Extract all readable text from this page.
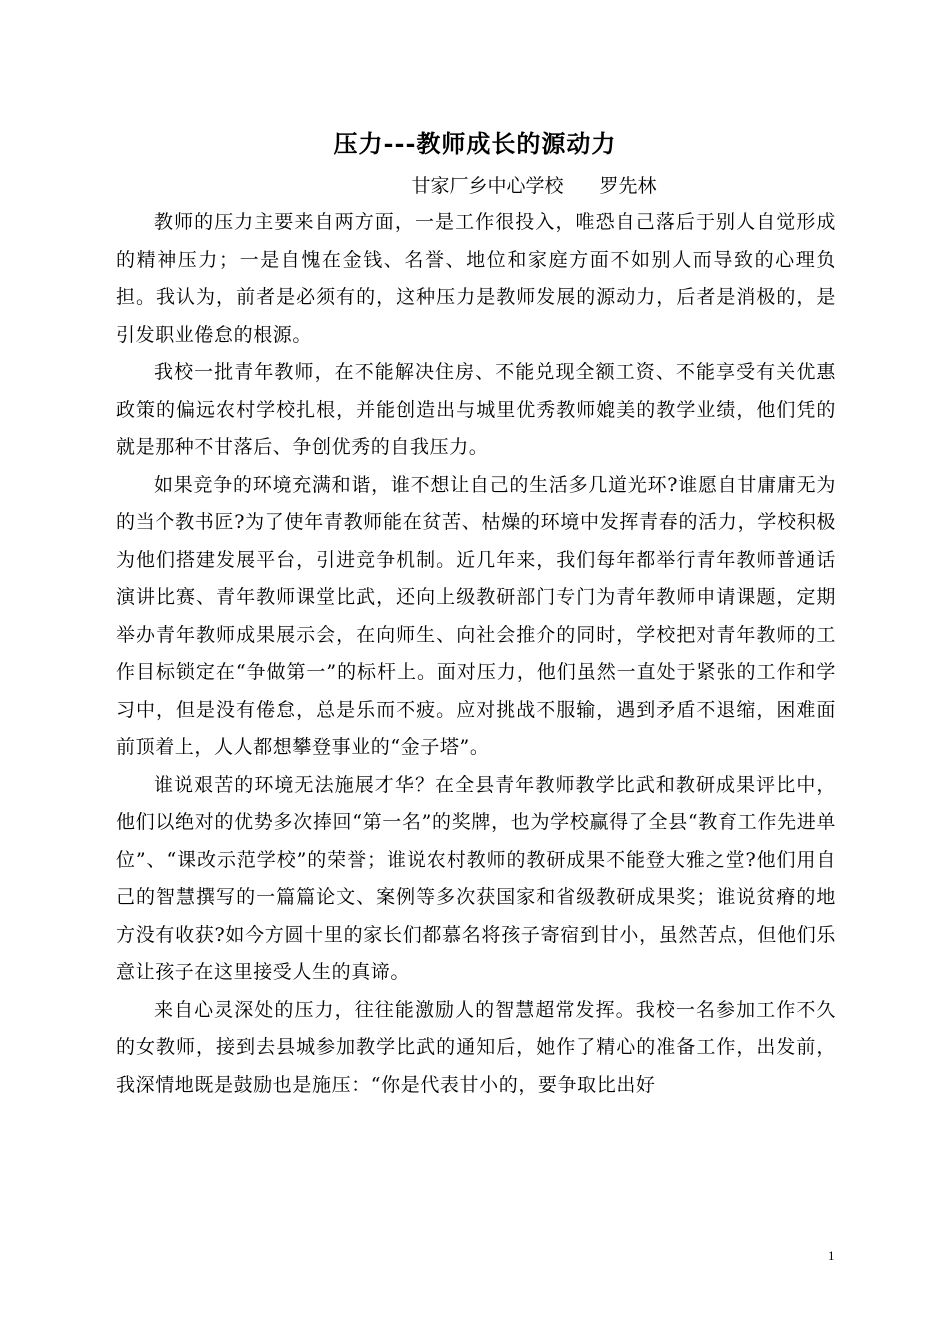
压力---教师成长的源动力
甘家厂乡中心学校 罗先林

教师的压力主要来自两方面，一是工作很投入，唯恐自己落后于别人自觉形成的精神压力；一是自愧在金钱、名誉、地位和家庭方面不如别人而导致的心理负担。我认为，前者是必须有的，这种压力是教师发展的源动力，后者是消极的，是引发职业倦怠的根源。

我校一批青年教师，在不能解决住房、不能兑现全额工资、不能享受有关优惠政策的偏远农村学校扎根，并能创造出与城里优秀教师媲美的教学业绩，他们凭的就是那种不甘落后、争创优秀的自我压力。

如果竞争的环境充满和谐，谁不想让自己的生活多几道光环?谁愿自甘庸庸无为的当个教书匠?为了使年青教师能在贫苦、枯燥的环境中发挥青春的活力，学校积极为他们搭建发展平台，引进竞争机制。近几年来，我们每年都举行青年教师普通话演讲比赛、青年教师课堂比武，还向上级教研部门专门为青年教师申请课题，定期举办青年教师成果展示会，在向师生、向社会推介的同时，学校把对青年教师的工作目标锁定在“争做第一”的标杆上。面对压力，他们虽然一直处于紧张的工作和学习中，但是没有倦怠，总是乐而不疲。应对挑战不服输，遇到矛盾不退缩，困难面前顶着上，人人都想攀登事业的“金子塔”。

谁说艰苦的环境无法施展才华？在全县青年教师教学比武和教研成果评比中，他们以绝对的优势多次捧回“第一名”的奖牌，也为学校赢得了全县“教育工作先进单位”、“课改示范学校”的荣誉；谁说农村教师的教研成果不能登大雅之堂?他们用自己的智慧撰写的一篇篇论文、案例等多次获国家和省级教研成果奖；谁说贫瘠的地方没有收获?如今方圆十里的家长们都慕名将孩子寄宿到甘小，虽然苦点，但他们乐意让孩子在这里接受人生的真谛。

来自心灵深处的压力，往往能激励人的智慧超常发挥。我校一名参加工作不久的女教师，接到去县城参加教学比武的通知后，她作了精心的准备工作，出发前，我深情地既是鼓励也是施压：“你是代表甘小的，要争取比出好

1
